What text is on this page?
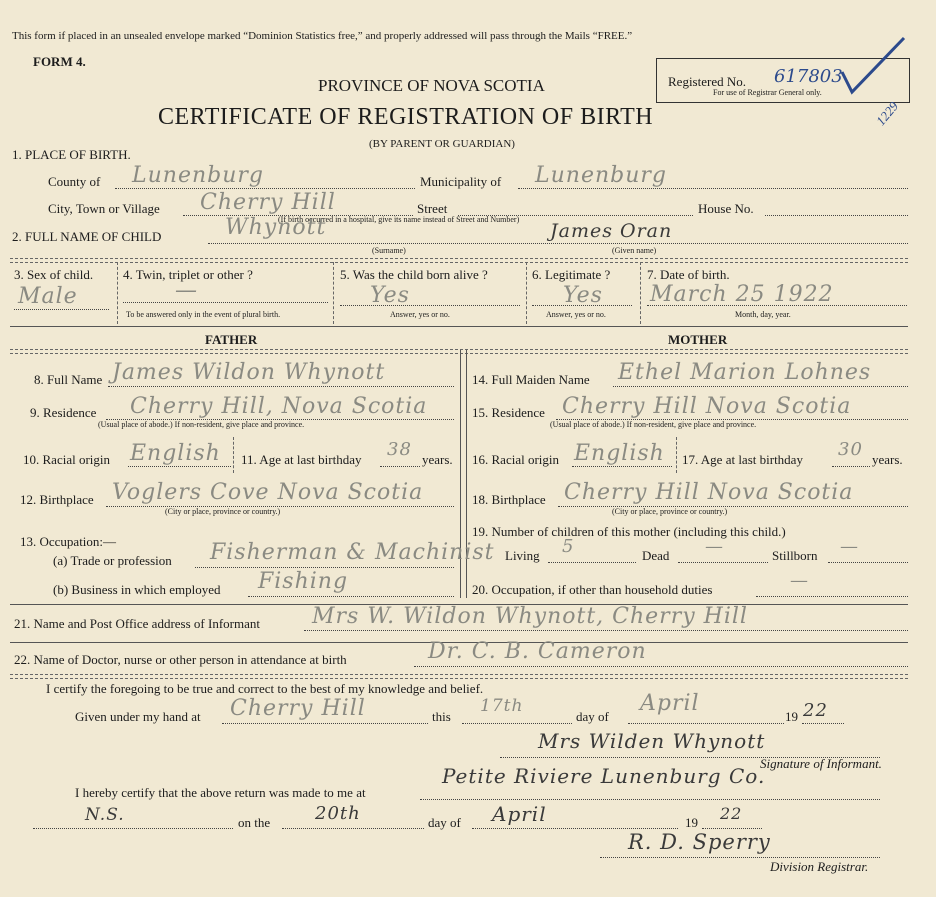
This form if placed in an unsealed envelope marked “Dominion Statistics free,” and properly addressed will pass through the Mails “FREE.”
FORM 4.
PROVINCE OF NOVA SCOTIA
CERTIFICATE OF REGISTRATION OF BIRTH
(BY PARENT OR GUARDIAN)
Registered No. 617803
For use of Registrar General only.
1229
1. PLACE OF BIRTH.
County of Lunenburg	Municipality of Lunenburg
City, Town or Village Cherry Hill	Street	House No.
(If birth occurred in a hospital, give its name instead of Street and Number)
2. FULL NAME OF CHILD	Whynott	James Oran
(Surname)	(Given name)
3. Sex of child.
Male
4. Twin, triplet or other ?
—
To be answered only in the event of plural birth.
5. Was the child born alive ?
Yes
Answer, yes or no.
6. Legitimate ?
Yes
Answer, yes or no.
7. Date of birth.
March 25 1922
Month, day, year.
FATHER	MOTHER
8. Full Name James Wildon Whynott
9. Residence Cherry Hill, Nova Scotia
(Usual place of abode.) If non-resident, give place and province.
10. Racial origin English 11. Age at last birthday 38 years.
12. Birthplace Voglers Cove Nova Scotia
(City or place, province or country.)
13. Occupation:—
(a) Trade or profession Fisherman & Machinist
(b) Business in which employed Fishing
14. Full Maiden Name Ethel Marion Lohnes
15. Residence Cherry Hill Nova Scotia
(Usual place of abode.) If non-resident, give place and province.
16. Racial origin English 17. Age at last birthday 30 years.
18. Birthplace Cherry Hill Nova Scotia
(City or place, province or country.)
19. Number of children of this mother (including this child.)
Living 5	Dead —	Stillborn —
20. Occupation, if other than household duties	—
21. Name and Post Office address of Informant Mrs W. Wildon Whynott, Cherry Hill
22. Name of Doctor, nurse or other person in attendance at birth	Dr. C. B. Cameron
I certify the foregoing to be true and correct to the best of my knowledge and belief.
Given under my hand at Cherry Hill	this
17th
day of
April
19 22
Mrs Wilden Whynott
Signature of Informant.
I hereby certify that the above return was made to me at
Petite Riviere Lunenburg Co.
N.S.	on the 20th	day of April	19 22
R. D. Sperry
Division Registrar.
